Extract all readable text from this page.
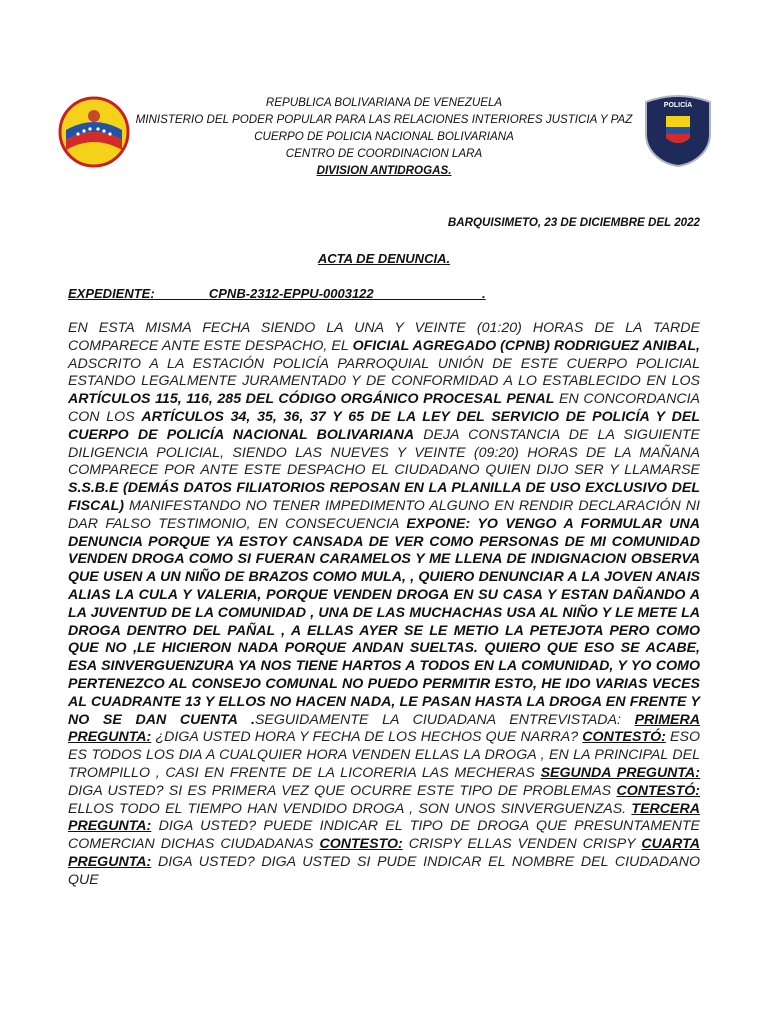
POLICÍA
REPUBLICA BOLIVARIANA DE VENEZUELA
MINISTERIO DEL PODER POPULAR PARA LAS RELACIONES INTERIORES JUSTICIA Y PAZ
CUERPO DE POLICIA NACIONAL BOLIVARIANA
CENTRO DE COORDINACION LARA
DIVISION ANTIDROGAS.
BARQUISIMETO, 23 DE DICIEMBRE DEL 2022
ACTA DE DENUNCIA.
EXPEDIENTE:	CPNB-2312-EPPU-0003122	.
EN ESTA MISMA FECHA SIENDO LA UNA Y VEINTE (01:20) HORAS DE LA TARDE COMPARECE ANTE ESTE DESPACHO, EL OFICIAL AGREGADO (CPNB) RODRIGUEZ ANIBAL, ADSCRITO A LA ESTACIÓN POLICÍA PARROQUIAL UNIÓN DE ESTE CUERPO POLICIAL ESTANDO LEGALMENTE JURAMENTAD0 Y DE CONFORMIDAD A LO ESTABLECIDO EN LOS ARTÍCULOS 115, 116, 285 DEL CÓDIGO ORGÁNICO PROCESAL PENAL EN CONCORDANCIA CON LOS ARTÍCULOS 34, 35, 36, 37 Y 65 DE LA LEY DEL SERVICIO DE POLICÍA Y DEL CUERPO DE POLICÍA NACIONAL BOLIVARIANA DEJA CONSTANCIA DE LA SIGUIENTE DILIGENCIA POLICIAL, SIENDO LAS NUEVES Y VEINTE (09:20) HORAS DE LA MAÑANA COMPARECE POR ANTE ESTE DESPACHO EL CIUDADANO QUIEN DIJO SER Y LLAMARSE S.S.B.E (DEMÁS DATOS FILIATORIOS REPOSAN EN LA PLANILLA DE USO EXCLUSIVO DEL FISCAL) MANIFESTANDO NO TENER IMPEDIMENTO ALGUNO EN RENDIR DECLARACIÓN NI DAR FALSO TESTIMONIO, EN CONSECUENCIA EXPONE: YO VENGO A FORMULAR UNA DENUNCIA PORQUE YA ESTOY CANSADA DE VER COMO PERSONAS DE MI COMUNIDAD VENDEN DROGA COMO SI FUERAN CARAMELOS Y ME LLENA DE INDIGNACION OBSERVA QUE USEN A UN NIÑO DE BRAZOS COMO MULA, , QUIERO DENUNCIAR A LA JOVEN ANAIS ALIAS LA CULA Y VALERIA, PORQUE VENDEN DROGA EN SU CASA Y ESTAN DAÑANDO A LA JUVENTUD DE LA COMUNIDAD , UNA DE LAS MUCHACHAS USA AL NIÑO Y LE METE LA DROGA DENTRO DEL PAÑAL , A ELLAS AYER SE LE METIO LA PETEJOTA PERO COMO QUE NO ,LE HICIERON NADA PORQUE ANDAN SUELTAS. QUIERO QUE ESO SE ACABE, ESA SINVERGUENZURA YA NOS TIENE HARTOS A TODOS EN LA COMUNIDAD, Y YO COMO PERTENEZCO AL CONSEJO COMUNAL NO PUEDO PERMITIR ESTO, HE IDO VARIAS VECES AL CUADRANTE 13 Y ELLOS NO HACEN NADA, LE PASAN HASTA LA DROGA EN FRENTE Y NO SE DAN CUENTA .SEGUIDAMENTE LA CIUDADANA ENTREVISTADA: PRIMERA PREGUNTA: ¿DIGA USTED HORA Y FECHA DE LOS HECHOS QUE NARRA? CONTESTÓ: ESO ES TODOS LOS DIA A CUALQUIER HORA VENDEN ELLAS LA DROGA , EN LA PRINCIPAL DEL TROMPILLO , CASI EN FRENTE DE LA LICORERIA LAS MECHERAS SEGUNDA PREGUNTA: DIGA USTED? SI ES PRIMERA VEZ QUE OCURRE ESTE TIPO DE PROBLEMAS CONTESTÓ: ELLOS TODO EL TIEMPO HAN VENDIDO DROGA , SON UNOS SINVERGUENZAS. TERCERA PREGUNTA: DIGA USTED? PUEDE INDICAR EL TIPO DE DROGA QUE PRESUNTAMENTE COMERCIAN DICHAS CIUDADANAS CONTESTO: CRISPY ELLAS VENDEN CRISPY CUARTA PREGUNTA: DIGA USTED? DIGA USTED SI PUDE INDICAR EL NOMBRE DEL CIUDADANO QUE
